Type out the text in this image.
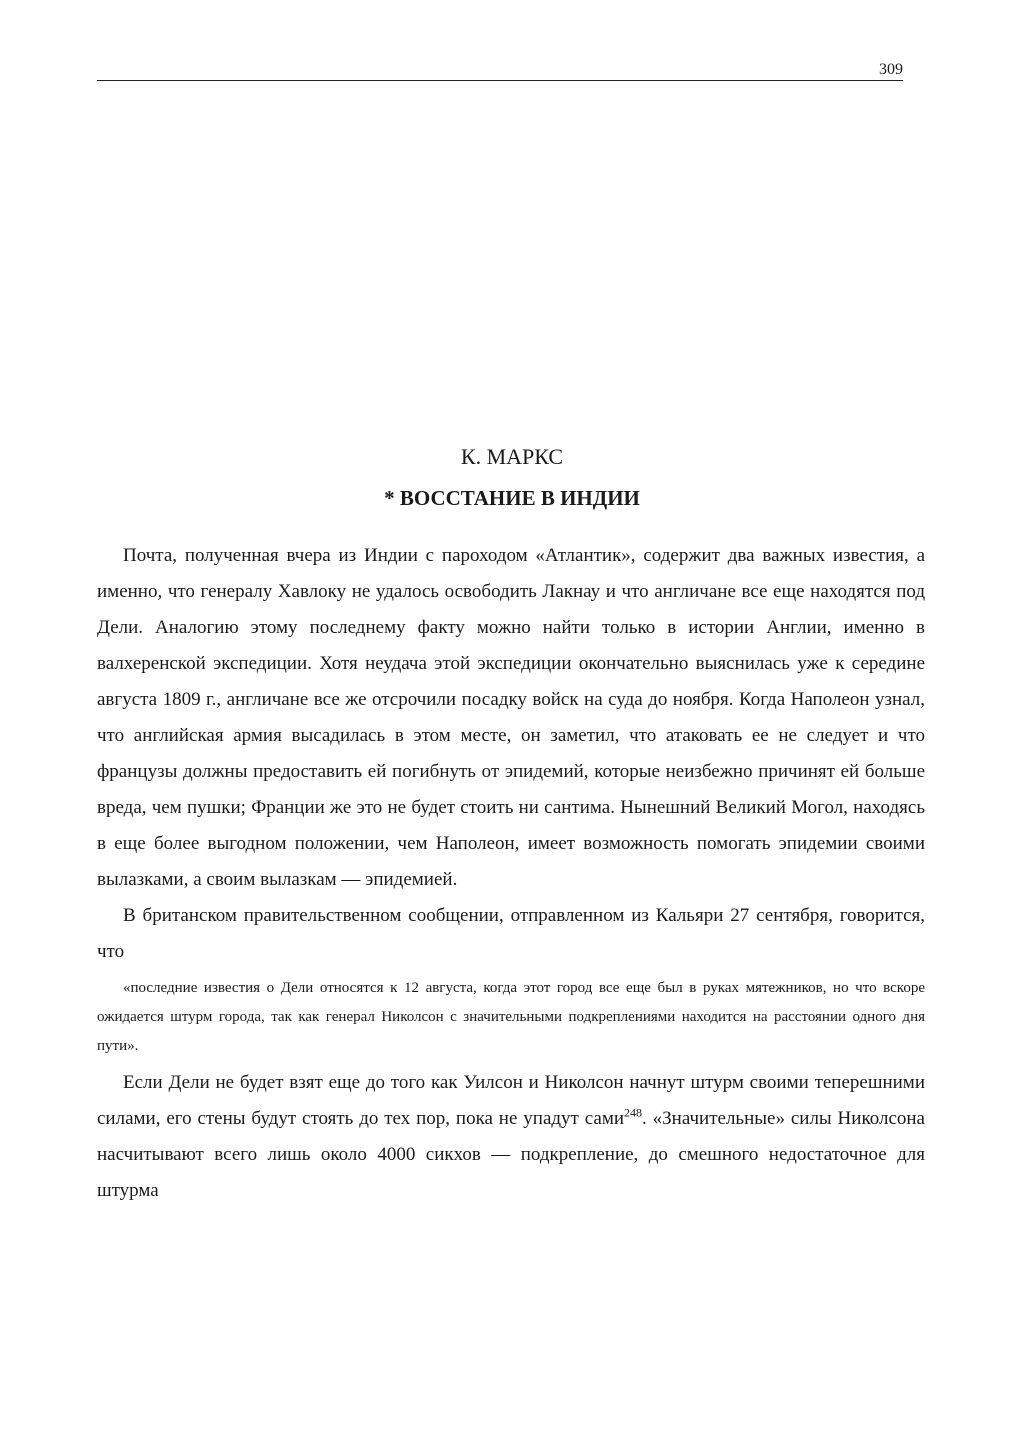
309
К. МАРКС
* ВОССТАНИЕ В ИНДИИ

Почта, полученная вчера из Индии с пароходом «Атлантик», содержит два важных известия, а именно, что генералу Хавлоку не удалось освободить Лакнау и что англичане все еще находятся под Дели. Аналогию этому последнему факту можно найти только в истории Англии, именно в валхеренской экспедиции. Хотя неудача этой экспедиции окончательно выяснилась уже к середине августа 1809 г., англичане все же отсрочили посадку войск на суда до ноября. Когда Наполеон узнал, что английская армия высадилась в этом месте, он заметил, что атаковать ее не следует и что французы должны предоставить ей погибнуть от эпидемий, которые неизбежно причинят ей больше вреда, чем пушки; Франции же это не будет стоить ни сантима. Нынешний Великий Могол, находясь в еще более выгодном положении, чем Наполеон, имеет возможность помогать эпидемии своими вылазками, а своим вылазкам — эпидемией.

В британском правительственном сообщении, отправленном из Кальяри 27 сентября, говорится, что

«последние известия о Дели относятся к 12 августа, когда этот город все еще был в руках мятежников, но что вскоре ожидается штурм города, так как генерал Николсон с значительными подкреплениями находится на расстоянии одного дня пути».

Если Дели не будет взят еще до того как Уилсон и Николсон начнут штурм своими теперешними силами, его стены будут стоять до тех пор, пока не упадут сами$^{248}$. «Значительные» силы Николсона насчитывают всего лишь около 4000 сикхов — подкрепление, до смешного недостаточное для штурма
